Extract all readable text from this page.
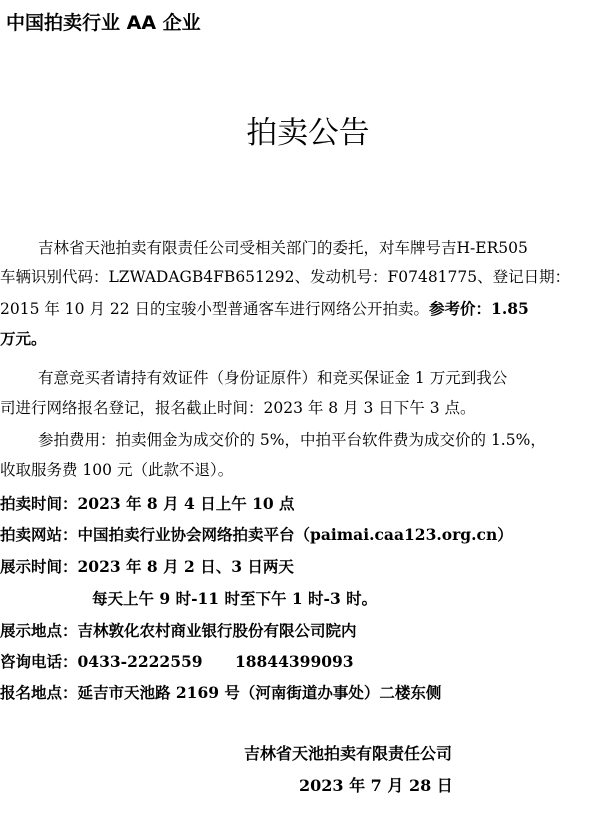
中国拍卖行业 AA 企业
拍卖公告
吉林省天池拍卖有限责任公司受相关部门的委托，对车牌号吉H-ER505
车辆识别代码：LZWADAGB4FB651292、发动机号：F07481775、登记日期：
2015 年 10 月 22 日的宝骏小型普通客车进行网络公开拍卖。参考价：1.85
万元。
有意竞买者请持有效证件（身份证原件）和竞买保证金 1 万元到我公
司进行网络报名登记，报名截止时间：2023 年 8 月 3 日下午 3 点。
参拍费用：拍卖佣金为成交价的 5%，中拍平台软件费为成交价的 1.5%，
收取服务费 100 元（此款不退）。
拍卖时间：2023 年 8 月 4 日上午 10 点
拍卖网站：中国拍卖行业协会网络拍卖平台（paimai.caa123.org.cn）
展示时间：2023 年 8 月 2 日、3 日两天
每天上午 9 时-11 时至下午 1 时-3 时。
展示地点：吉林敦化农村商业银行股份有限公司院内
咨询电话：0433-2222559      18844399093
报名地点：延吉市天池路 2169 号（河南街道办事处）二楼东侧
吉林省天池拍卖有限责任公司
2023 年 7 月 28 日
